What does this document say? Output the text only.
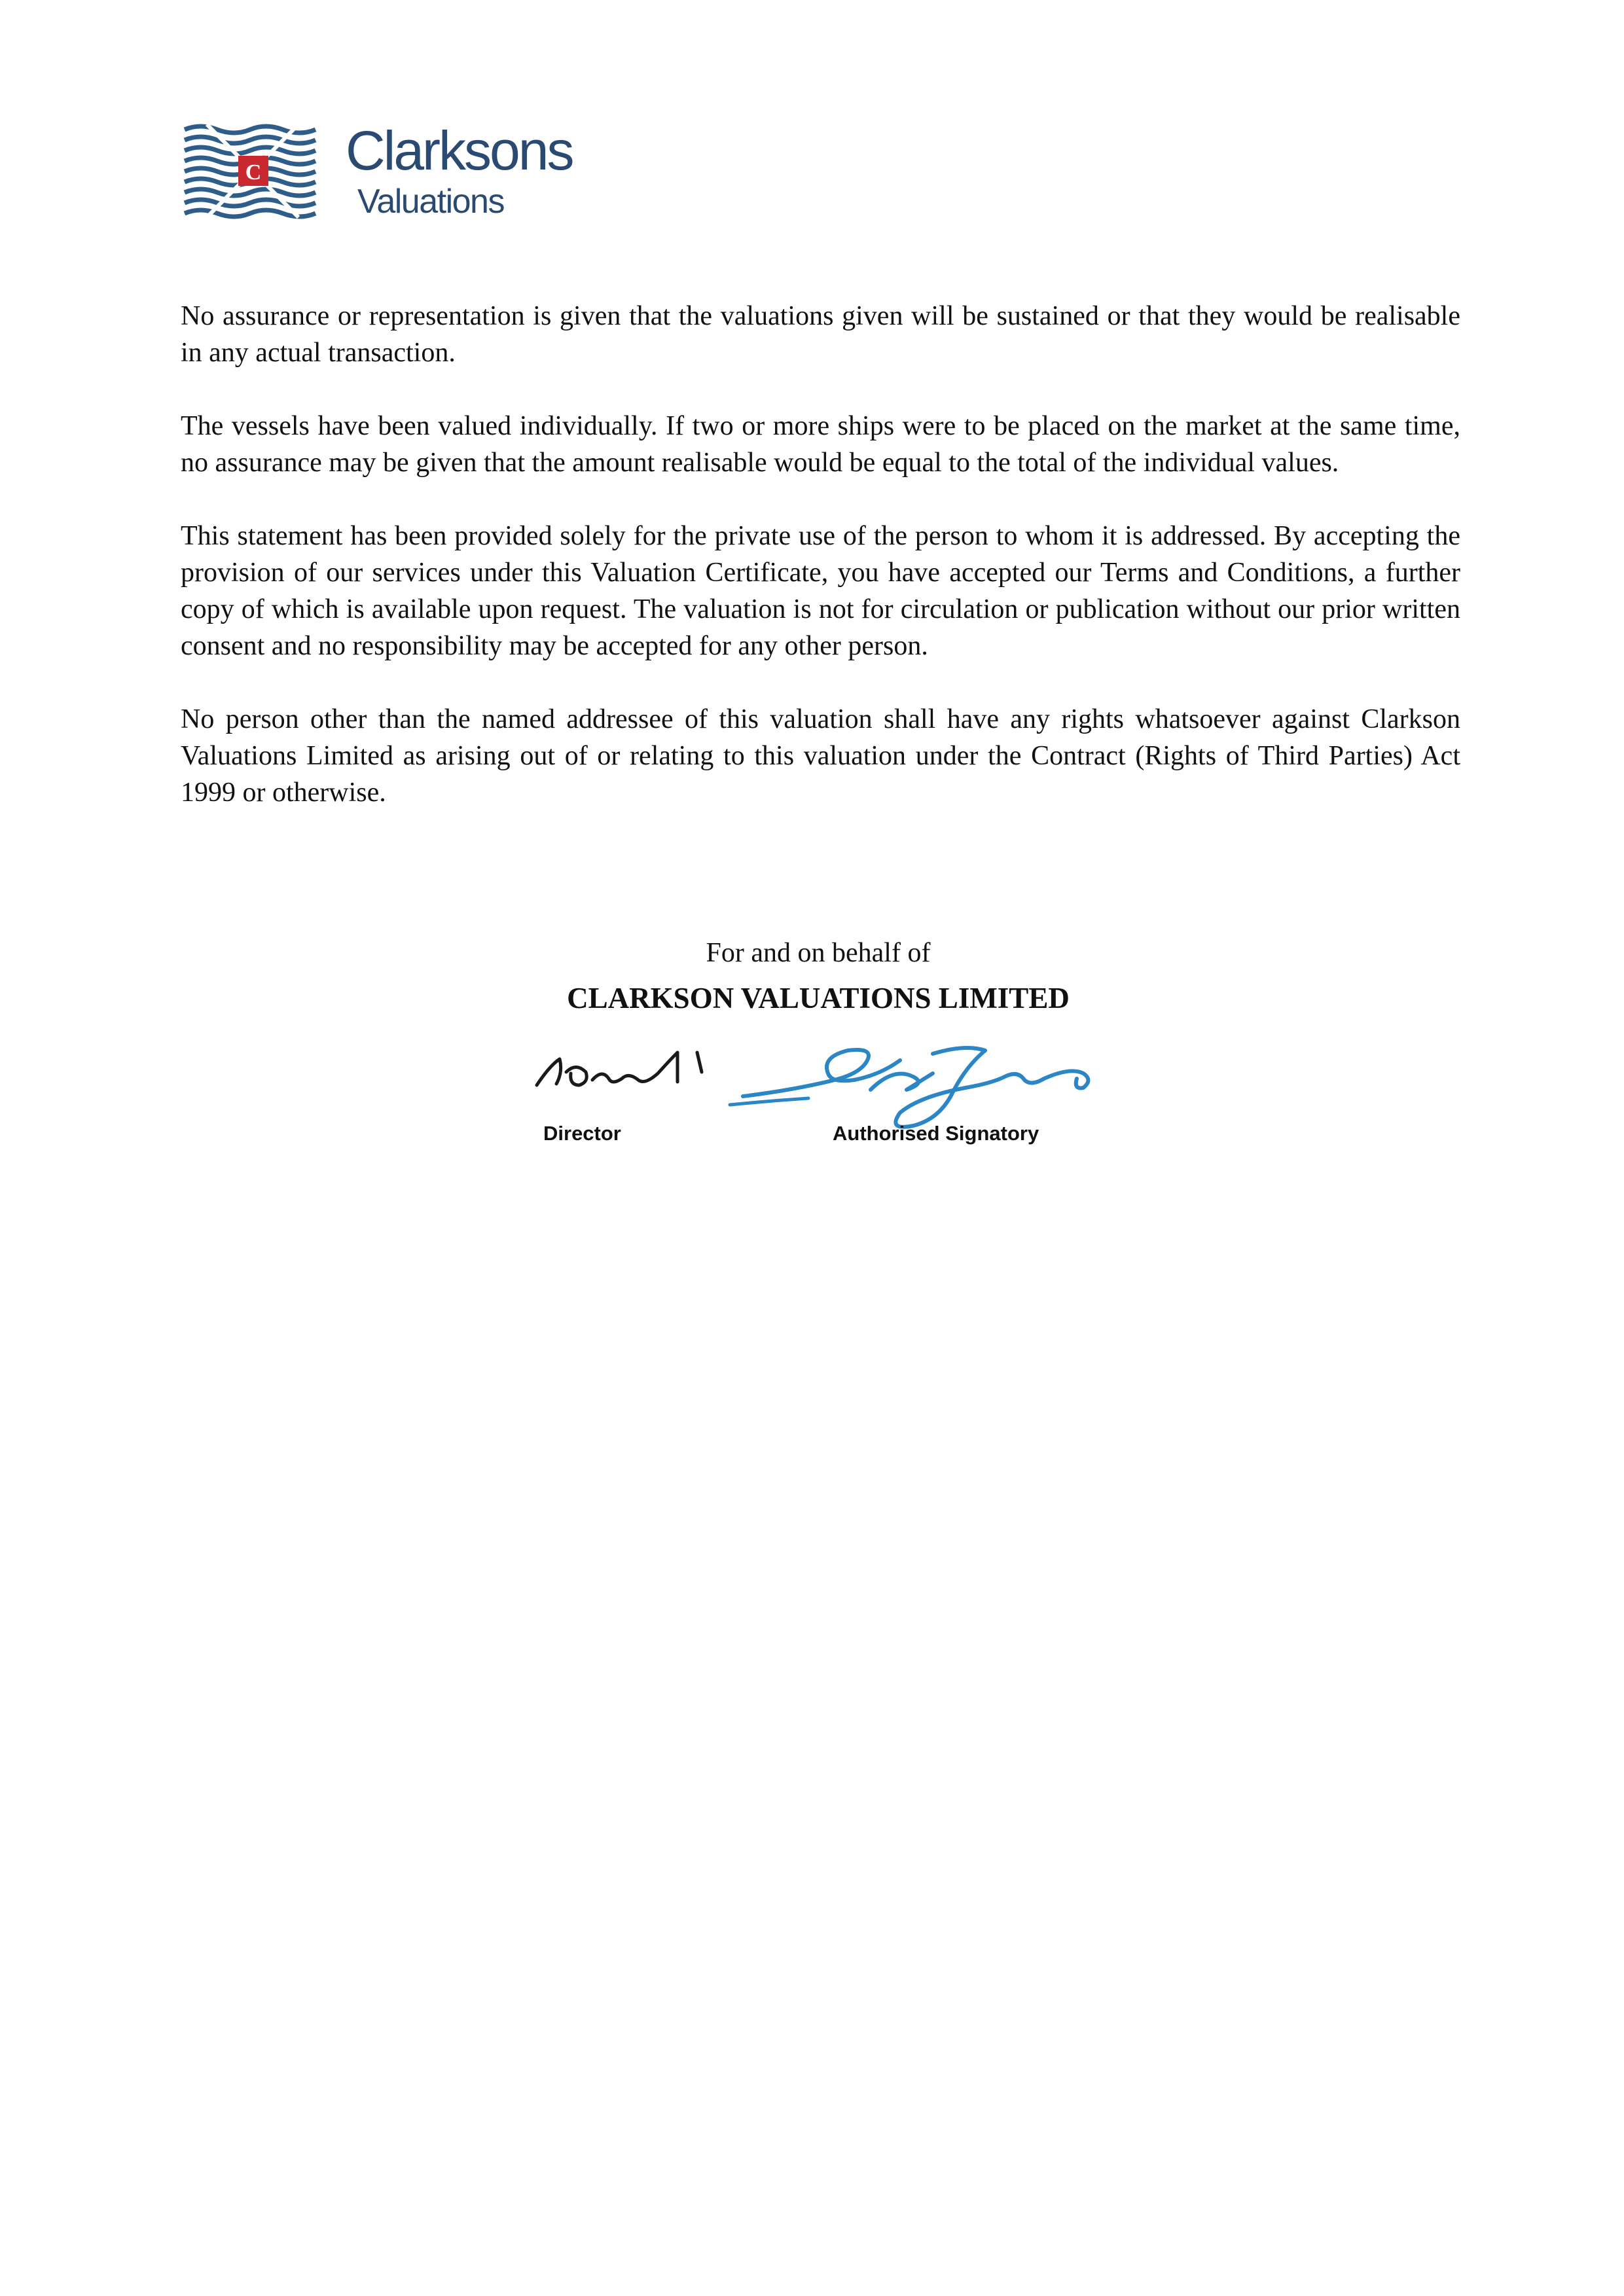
C Clarksons
Valuations

No assurance or representation is given that the valuations given will be sustained or that they would be realisable in any actual transaction.

The vessels have been valued individually. If two or more ships were to be placed on the market at the same time, no assurance may be given that the amount realisable would be equal to the total of the individual values.

This statement has been provided solely for the private use of the person to whom it is addressed. By accepting the provision of our services under this Valuation Certificate, you have accepted our Terms and Conditions, a further copy of which is available upon request. The valuation is not for circulation or publication without our prior written consent and no responsibility may be accepted for any other person.

No person other than the named addressee of this valuation shall have any rights whatsoever against Clarkson Valuations Limited as arising out of or relating to this valuation under the Contract (Rights of Third Parties) Act 1999 or otherwise.

For and on behalf of
CLARKSON VALUATIONS LIMITED
Director	Authorised Signatory
